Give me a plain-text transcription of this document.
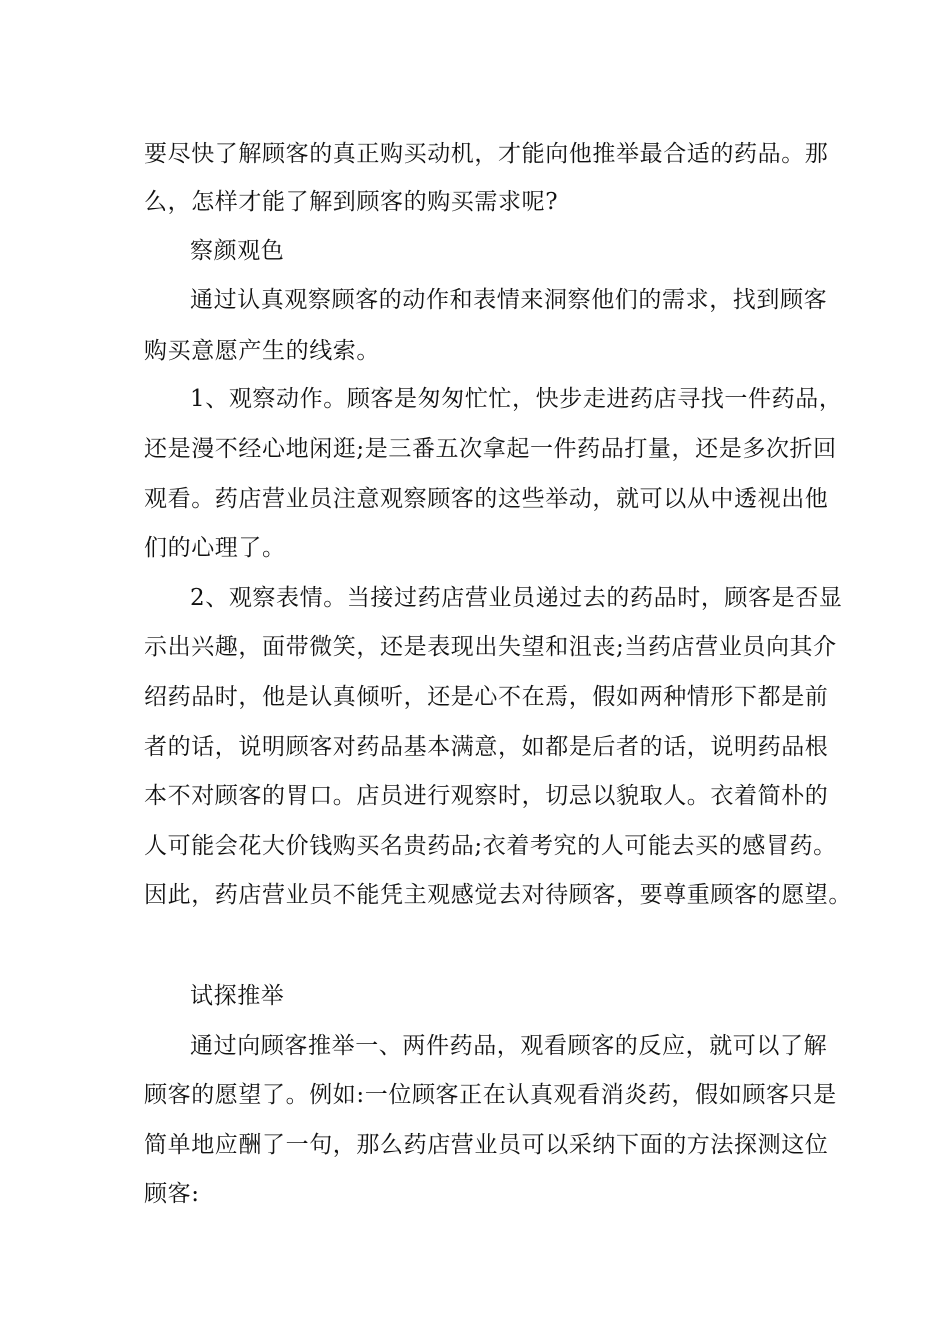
要尽快了解顾客的真正购买动机，才能向他推举最合适的药品。那
么，怎样才能了解到顾客的购买需求呢?
察颜观色
通过认真观察顾客的动作和表情来洞察他们的需求，找到顾客
购买意愿产生的线索。
1、观察动作。顾客是匆匆忙忙，快步走进药店寻找一件药品，
还是漫不经心地闲逛;是三番五次拿起一件药品打量，还是多次折回
观看。药店营业员注意观察顾客的这些举动，就可以从中透视出他
们的心理了。
2、观察表情。当接过药店营业员递过去的药品时，顾客是否显
示出兴趣，面带微笑，还是表现出失望和沮丧;当药店营业员向其介
绍药品时，他是认真倾听，还是心不在焉，假如两种情形下都是前
者的话，说明顾客对药品基本满意，如都是后者的话，说明药品根
本不对顾客的胃口。店员进行观察时，切忌以貌取人。衣着简朴的
人可能会花大价钱购买名贵药品;衣着考究的人可能去买的感冒药。
因此，药店营业员不能凭主观感觉去对待顾客，要尊重顾客的愿望。
试探推举
通过向顾客推举一、两件药品，观看顾客的反应，就可以了解
顾客的愿望了。例如:一位顾客正在认真观看消炎药，假如顾客只是
简单地应酬了一句，那么药店营业员可以采纳下面的方法探测这位
顾客:
